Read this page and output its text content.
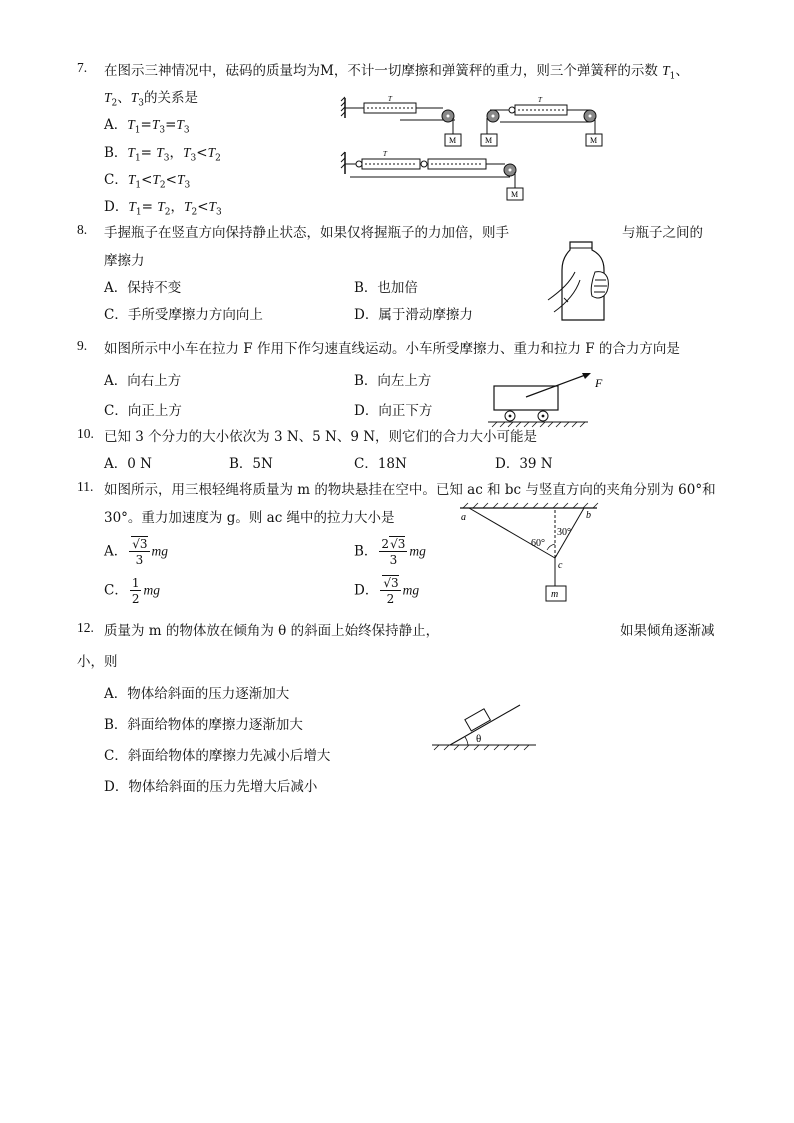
7. 在图示三神情况中，砝码的质量均为M，不计一切摩擦和弹簧秤的重力，则三个弹簧秤的示数 $T_1$、
$T_2$、$T_3$的关系是
A．$T_1=T_3=T_3$
B．$T_1= T_3$，$T_3<T_2$
C．$T_1<T_2<T_3$
D．$T_1= T_2$，$T_2<T_3$
T
M	M
T
M
T
M
8. 手握瓶子在竖直方向保持静止状态，如果仅将握瓶子的力加倍，则手	与瓶子之间的
摩擦力
A．保持不变	B．也加倍
C．手所受摩擦力方向向上	D．属于滑动摩擦力
9. 如图所示中小车在拉力 F 作用下作匀速直线运动。小车所受摩擦力、重力和拉力 F 的合力方向是
A．向右上方	B．向左上方
C．向正上方	D．向正下方
F
10. 已知 3 个分力的大小依次为 3 N、5 N、9 N，则它们的合力大小可能是
A．0 N	B．5N	C．18N	D．39 N
11. 如图所示，用三根轻绳将质量为 m 的物块悬挂在空中。已知 ac 和 bc 与竖直方向的夹角分别为 60°和
30°。重力加速度为 g。则 ac 绳中的拉力大小是
A． $\frac{√3}{3}$ mg	B． $\frac{2√3}{3}$ mg
C． $\frac{1}{2}$ mg	D． $\frac{√3}{2}$ mg
a	b
c
m
60°
30°
12. 质量为 m 的物体放在倾角为 θ 的斜面上始终保持静止，	如果倾角逐渐减
小，则
A．物体给斜面的压力逐渐加大
B．斜面给物体的摩擦力逐渐加大
C．斜面给物体的摩擦力先减小后增大
D．物体给斜面的压力先增大后减小
θ
